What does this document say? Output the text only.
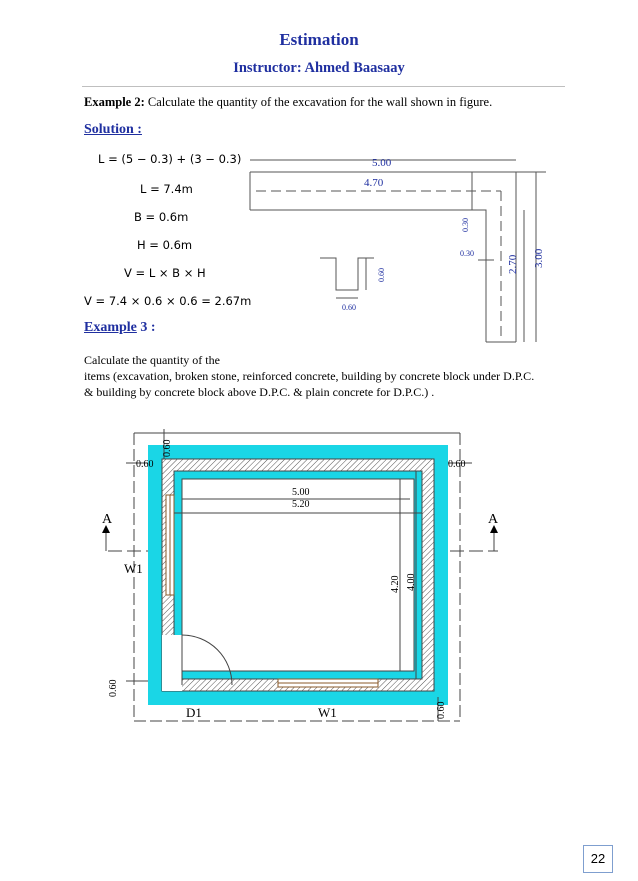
Estimation
Instructor: Ahmed Baasaay
Example 2: Calculate the quantity of the excavation for the wall shown in figure.
Solution :
L = (5 − 0.3) + (3 − 0.3)
L = 7.4m
B = 0.6m
H = 0.6m
V = L × B × H
V = 7.4 × 0.6 × 0.6 = 2.67m
5.00
4.70
0.30
0.30
2.70 3.00
0.60
0.60
Example 3 :
Calculate the quantity of the
items (excavation, broken stone, reinforced concrete, building by concrete block under D.P.C.
& building by concrete block above D.P.C. & plain concrete for D.P.C.) .
0.60
0.60	0.60
5.00
5.20
4.20 4.00
0.60
0.60
A	A
W1
D1	W1
22
